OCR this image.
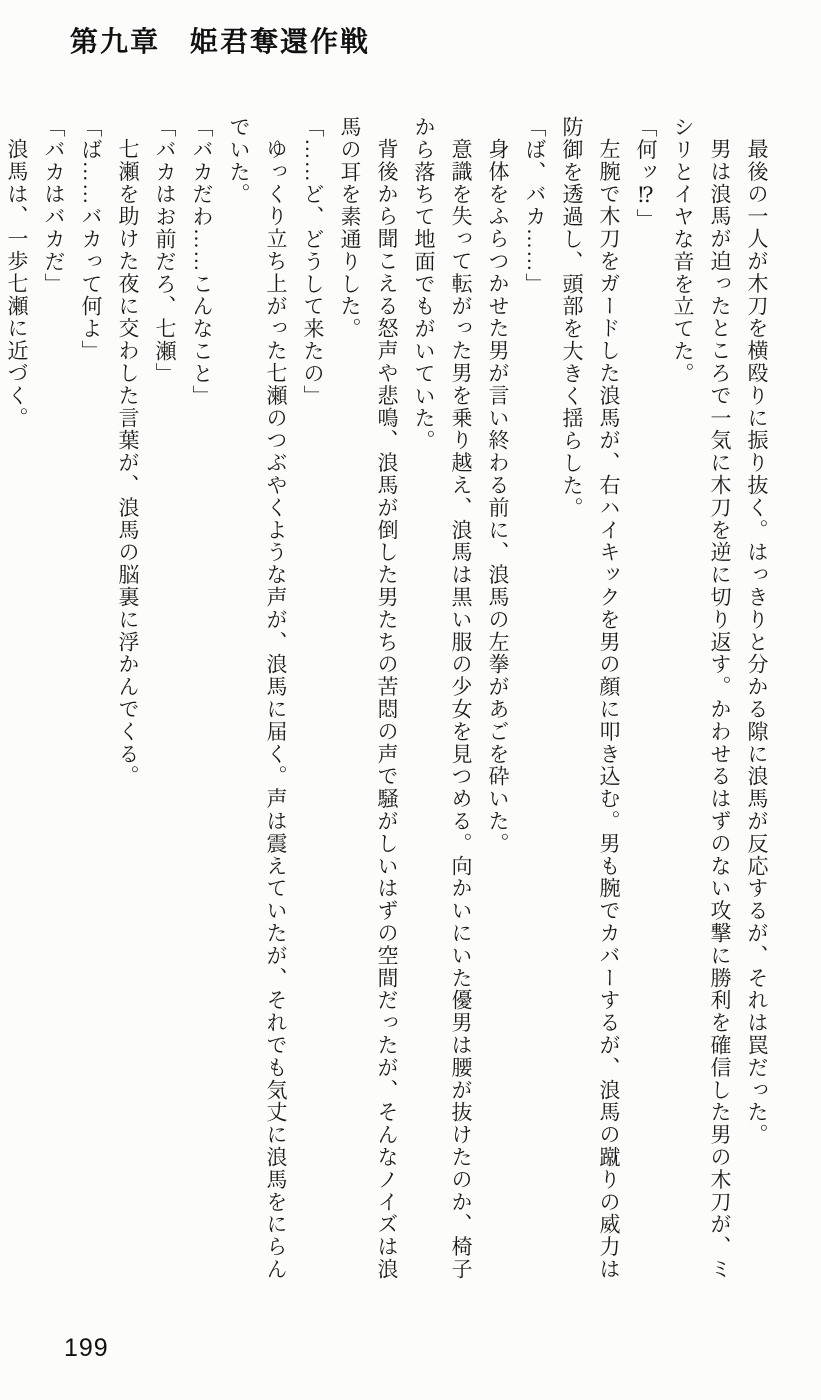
第九章　姫君奪還作戦

最後の一人が木刀を横殴りに振り抜く。はっきりと分かる隙に浪馬が反応するが、それは罠だった。

男は浪馬が迫ったところで一気に木刀を逆に切り返す。かわせるはずのない攻撃に勝利を確信した男の木刀が、ミシリとイヤな音を立てた。

「何ッ⁉」

左腕で木刀をガードした浪馬が、右ハイキックを男の顔に叩き込む。男も腕でカバーするが、浪馬の蹴りの威力は防御を透過し、頭部を大きく揺らした。

「ば、バカ……」

身体をふらつかせた男が言い終わる前に、浪馬の左拳があごを砕いた。

意識を失って転がった男を乗り越え、浪馬は黒い服の少女を見つめる。向かいにいた優男は腰が抜けたのか、椅子から落ちて地面でもがいていた。

背後から聞こえる怒声や悲鳴、浪馬が倒した男たちの苦悶の声で騒がしいはずの空間だったが、そんなノイズは浪馬の耳を素通りした。

「……ど、どうして来たの」

ゆっくり立ち上がった七瀬のつぶやくような声が、浪馬に届く。声は震えていたが、それでも気丈に浪馬をにらんでいた。

「バカだわ……こんなこと」

「バカはお前だろ、七瀬」

七瀬を助けた夜に交わした言葉が、浪馬の脳裏に浮かんでくる。

「ば……バカって何よ」

「バカはバカだ」

浪馬は、一歩七瀬に近づく。

199
